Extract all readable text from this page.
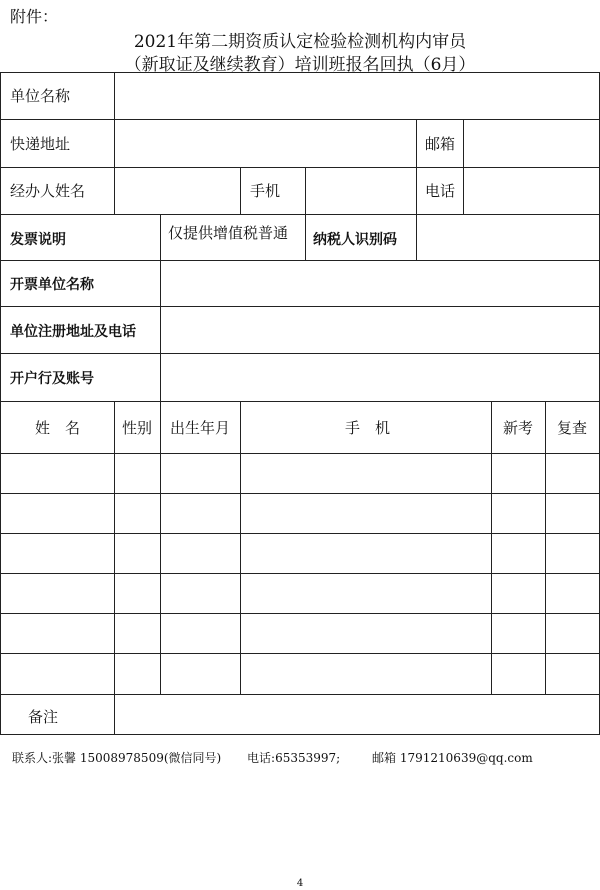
附件：
2021年第二期资质认定检验检测机构内审员
（新取证及继续教育）培训班报名回执（6月）
单位名称
快递地址	邮箱
经办人姓名	手机	电话
发票说明	仅提供增值税普通 纳税人识别码
开票单位名称
单位注册地址及电话
开户行及账号
姓　名	性别 出生年月	手　机	新考 复查
备注
联系人:张馨 15008978509(微信同号) 电话:65353997;	邮箱 1791210639@qq.com
4
